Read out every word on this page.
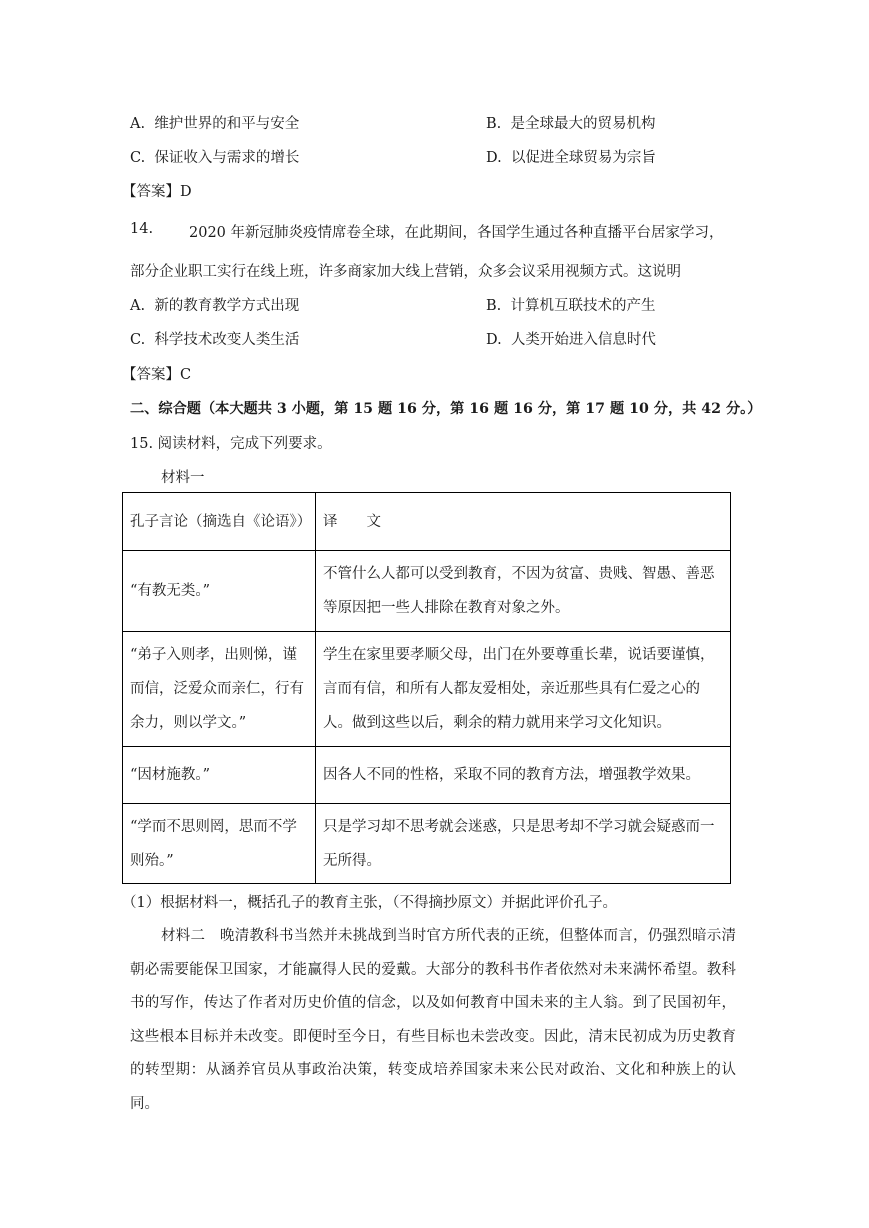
A. 维护世界的和平与安全	B. 是全球最大的贸易机构
C. 保证收入与需求的增长	D. 以促进全球贸易为宗旨
【答案】D
14. 2020 年新冠肺炎疫情席卷全球，在此期间，各国学生通过各种直播平台居家学习，
部分企业职工实行在线上班，许多商家加大线上营销，众多会议采用视频方式。这说明
A. 新的教育教学方式出现	B. 计算机互联技术的产生
C. 科学技术改变人类生活	D. 人类开始进入信息时代
【答案】C
二、综合题（本大题共 3 小题，第 15 题 16 分，第 16 题 16 分，第 17 题 10 分，共 42 分。）
15. 阅读材料，完成下列要求。
材料一
孔子言论（摘选自《论语》）	译　　文
“有教无类。”	不管什么人都可以受到教育，不因为贫富、贵贱、智愚、善恶等原因把一些人排除在教育对象之外。
“弟子入则孝，出则悌，谨而信，泛爱众而亲仁，行有余力，则以学文。”	学生在家里要孝顺父母，出门在外要尊重长辈，说话要谨慎，言而有信，和所有人都友爱相处，亲近那些具有仁爱之心的人。做到这些以后，剩余的精力就用来学习文化知识。
“因材施教。”	因各人不同的性格，采取不同的教育方法，增强教学效果。
“学而不思则罔，思而不学则殆。”	只是学习却不思考就会迷惑，只是思考却不学习就会疑惑而一无所得。
（1）根据材料一，概括孔子的教育主张，（不得摘抄原文）并据此评价孔子。
材料二　晚清教科书当然并未挑战到当时官方所代表的正统，但整体而言，仍强烈暗示清朝必需要能保卫国家，才能赢得人民的爱戴。大部分的教科书作者依然对未来满怀希望。教科书的写作，传达了作者对历史价值的信念，以及如何教育中国未来的主人翁。到了民国初年，这些根本目标并未改变。即便时至今日，有些目标也未尝改变。因此，清末民初成为历史教育的转型期：从涵养官员从事政治决策，转变成培养国家未来公民对政治、文化和种族上的认同。
